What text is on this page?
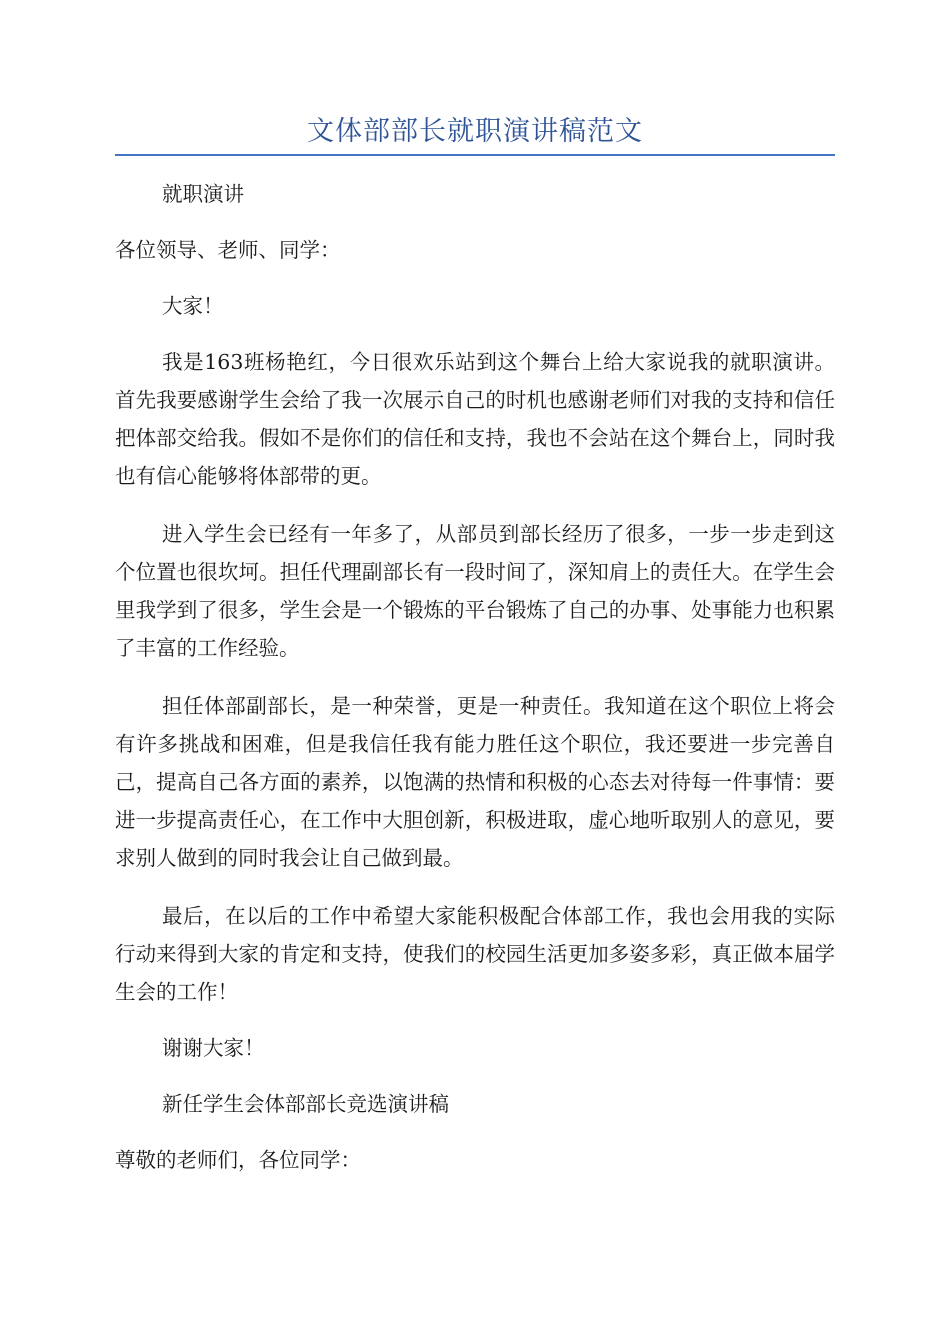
文体部部长就职演讲稿范文

就职演讲

各位领导、老师、同学：

大家！

我是163班杨艳红，今日很欢乐站到这个舞台上给大家说我的就职演讲。首先我要感谢学生会给了我一次展示自己的时机也感谢老师们对我的支持和信任把体部交给我。假如不是你们的信任和支持，我也不会站在这个舞台上，同时我也有信心能够将体部带的更。

进入学生会已经有一年多了，从部员到部长经历了很多，一步一步走到这个位置也很坎坷。担任代理副部长有一段时间了，深知肩上的责任大。在学生会里我学到了很多，学生会是一个锻炼的平台锻炼了自己的办事、处事能力也积累了丰富的工作经验。

担任体部副部长，是一种荣誉，更是一种责任。我知道在这个职位上将会有许多挑战和困难，但是我信任我有能力胜任这个职位，我还要进一步完善自己，提高自己各方面的素养，以饱满的热情和积极的心态去对待每一件事情：要进一步提高责任心，在工作中大胆创新，积极进取，虚心地听取别人的意见，要求别人做到的同时我会让自己做到最。

最后，在以后的工作中希望大家能积极配合体部工作，我也会用我的实际行动来得到大家的肯定和支持，使我们的校园生活更加多姿多彩，真正做本届学生会的工作！

谢谢大家！

新任学生会体部部长竞选演讲稿

尊敬的老师们，各位同学：
